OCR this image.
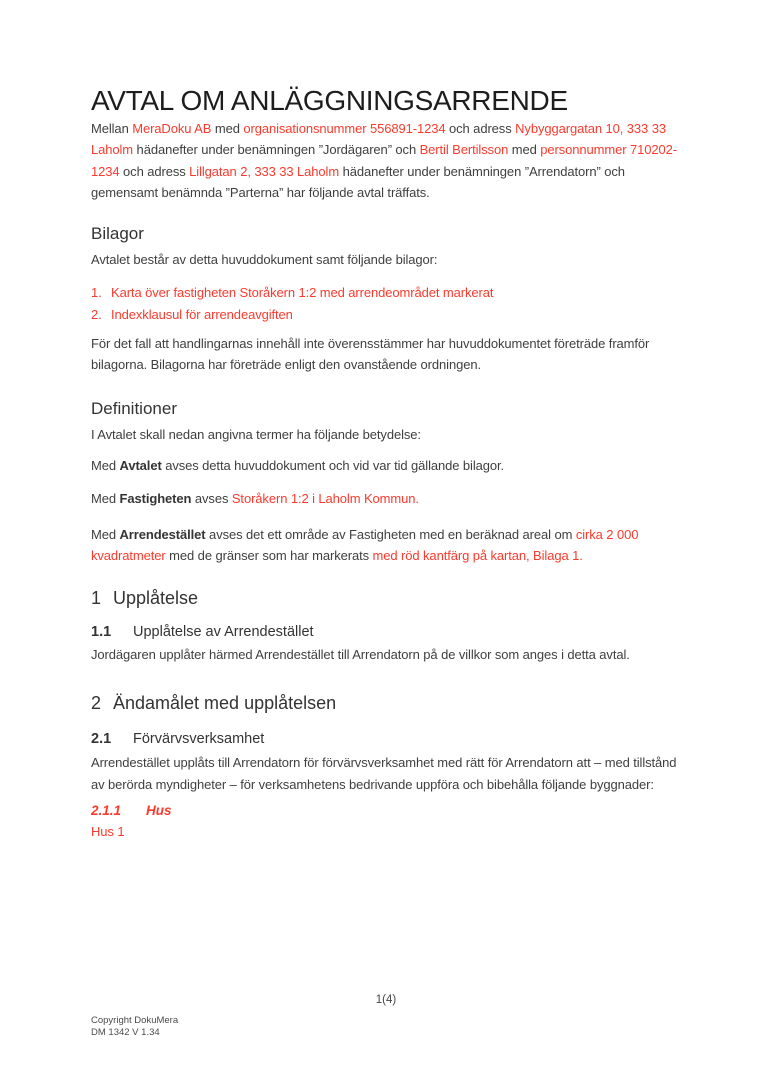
AVTAL OM ANLÄGGNINGSARRENDE

Mellan MeraDoku AB med organisationsnummer 556891-1234 och adress Nybyggargatan 10, 333 33 Laholm hädanefter under benämningen ”Jordägaren” och Bertil Bertilsson med personnummer 710202-1234 och adress Lillgatan 2, 333 33 Laholm hädanefter under benämningen ”Arrendatorn” och gemensamt benämnda ”Parterna” har följande avtal träffats.

Bilagor

Avtalet består av detta huvuddokument samt följande bilagor:

1. Karta över fastigheten Storåkern 1:2 med arrendeområdet markerat
2. Indexklausul för arrendeavgiften

För det fall att handlingarnas innehåll inte överensstämmer har huvuddokumentet företräde framför bilagorna. Bilagorna har företräde enligt den ovanstående ordningen.

Definitioner

I Avtalet skall nedan angivna termer ha följande betydelse:

Med Avtalet avses detta huvuddokument och vid var tid gällande bilagor.

Med Fastigheten avses Storåkern 1:2 i Laholm Kommun.

Med Arrendestället avses det ett område av Fastigheten med en beräknad areal om cirka 2 000 kvadratmeter med de gränser som har markerats med röd kantfärg på kartan, Bilaga 1.

1 Upplåtelse
1.1 Upplåtelse av Arrendestället

Jordägaren upplåter härmed Arrendestället till Arrendatorn på de villkor som anges i detta avtal.

2 Ändamålet med upplåtelsen
2.1 Förvärvsverksamhet

Arrendestället upplåts till Arrendatorn för förvärvsverksamhet med rätt för Arrendatorn att – med tillstånd av berörda myndigheter – för verksamhetens bedrivande uppföra och bibehålla följande byggnader:

2.1.1 Hus

Hus 1

1(4)
Copyright DokuMera
DM 1342 V 1.34
